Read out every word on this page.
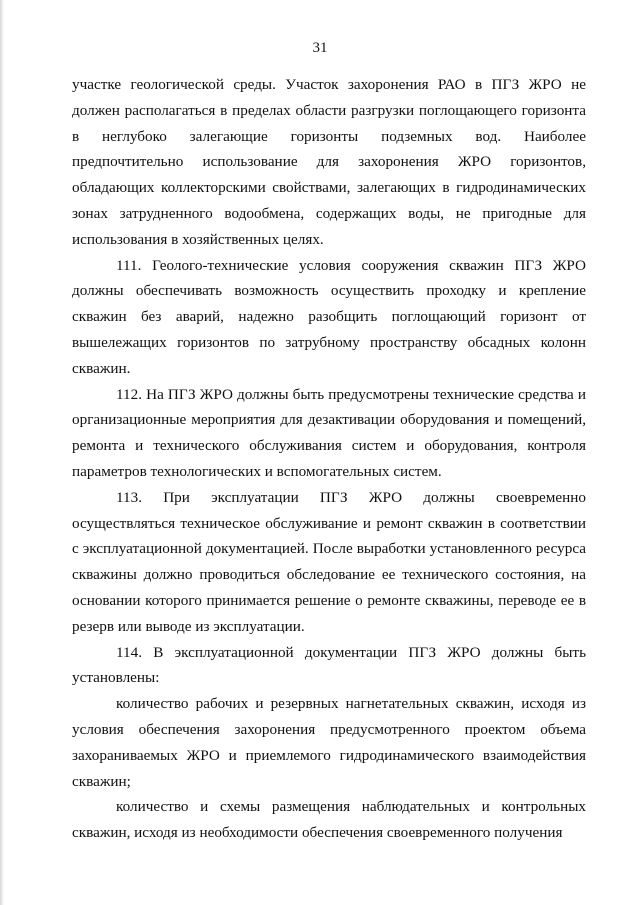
31

участке геологической среды. Участок захоронения РАО в ПГЗ ЖРО не должен располагаться в пределах области разгрузки поглощающего горизонта в неглубоко залегающие горизонты подземных вод. Наиболее предпочтительно использование для захоронения ЖРО горизонтов, обладающих коллекторскими свойствами, залегающих в гидродинамических зонах затрудненного водообмена, содержащих воды, не пригодные для использования в хозяйственных целях.

111. Геолого-технические условия сооружения скважин ПГЗ ЖРО должны обеспечивать возможность осуществить проходку и крепление скважин без аварий, надежно разобщить поглощающий горизонт от вышележащих горизонтов по затрубному пространству обсадных колонн скважин.

112. На ПГЗ ЖРО должны быть предусмотрены технические средства и организационные мероприятия для дезактивации оборудования и помещений, ремонта и технического обслуживания систем и оборудования, контроля параметров технологических и вспомогательных систем.

113. При эксплуатации ПГЗ ЖРО должны своевременно осуществляться техническое обслуживание и ремонт скважин в соответствии с эксплуатационной документацией. После выработки установленного ресурса скважины должно проводиться обследование ее технического состояния, на основании которого принимается решение о ремонте скважины, переводе ее в резерв или выводе из эксплуатации.

114. В эксплуатационной документации ПГЗ ЖРО должны быть установлены:

количество рабочих и резервных нагнетательных скважин, исходя из условия обеспечения захоронения предусмотренного проектом объема захораниваемых ЖРО и приемлемого гидродинамического взаимодействия скважин;

количество и схемы размещения наблюдательных и контрольных скважин, исходя из необходимости обеспечения своевременного получения
